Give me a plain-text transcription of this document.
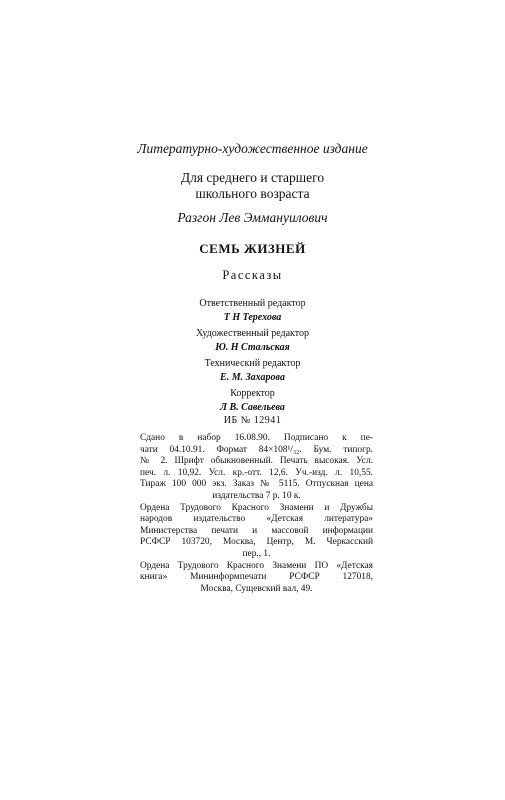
Литературно-художественное издание
Для среднего и старшего
школьного возраста
Разгон Лев Эммануилович
СЕМЬ ЖИЗНЕЙ
Рассказы
Ответственный редактор
Т Н Терехова
Художественный редактор
Ю. Н Стальская
Технический редактор
Е. М. Захарова
Корректор
Л В. Савельева
ИБ № 12941

Сдано в набор 16.08.90. Подписано к пе-

чати 04.10.91. Формат 84×108¹/₃₂. Бум. типогр.

№ 2. Шрифт обыкновенный. Печать высокая. Усл.

печ. л. 10,92. Усл. кр.-отт. 12,6. Уч.-изд. л. 10,55.

Тираж 100 000 экз. Заказ № 5115. Отпускная цена

издательства 7 р. 10 к.

Ордена Трудового Красного Знамени и Дружбы

народов издательство «Детская литература»

Министерства печати и массовой информации

РСФСР 103720, Москва, Центр, М. Черкасский

пер., 1.

Ордена Трудового Красного Знамени ПО «Детская

книга» Мининформпечати РСФСР 127018,

Москва, Сущевский вал, 49.
